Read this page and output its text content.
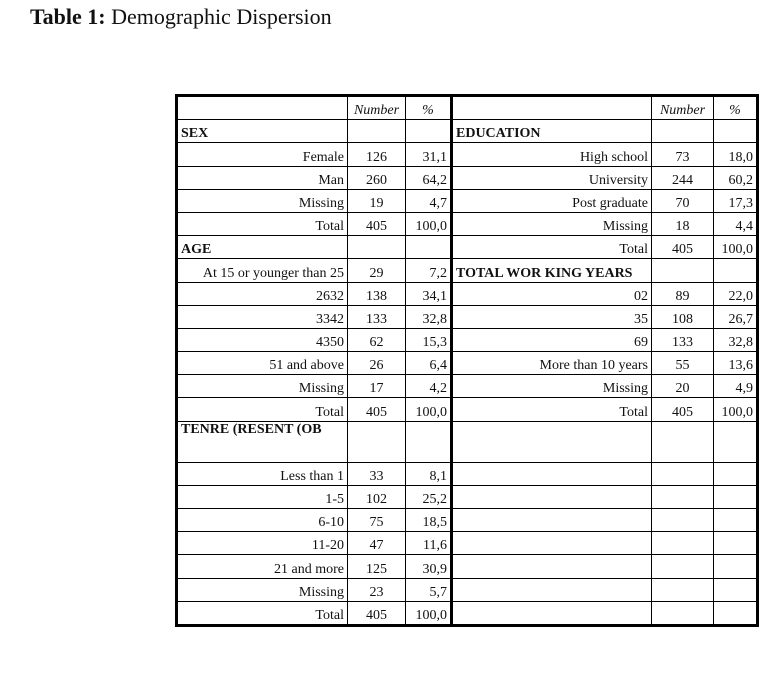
Table 1: Demographic Dispersion
	Number	%		Number	%
SEX			EDUCATION		
Female	126	31,1	High school	73	18,0
Man	260	64,2	University	244	60,2
Missing	19	4,7	Post graduate	70	17,3
Total	405	100,0	Missing	18	4,4
AGE			Total	405	100,0
At 15 or younger than 25	29	7,2	TOTAL WOR KING YEARS		
2632	138	34,1	02	89	22,0
3342	133	32,8	35	108	26,7
4350	62	15,3	69	133	32,8
51 and above	26	6,4	More than 10 years	55	13,6
Missing	17	4,2	Missing	20	4,9
Total	405	100,0	Total	405	100,0
TENRE (RESENT (OB					
Less than 1	33	8,1			
1-5	102	25,2			
6-10	75	18,5			
11-20	47	11,6			
21 and more	125	30,9			
Missing	23	5,7			
Total	405	100,0			
